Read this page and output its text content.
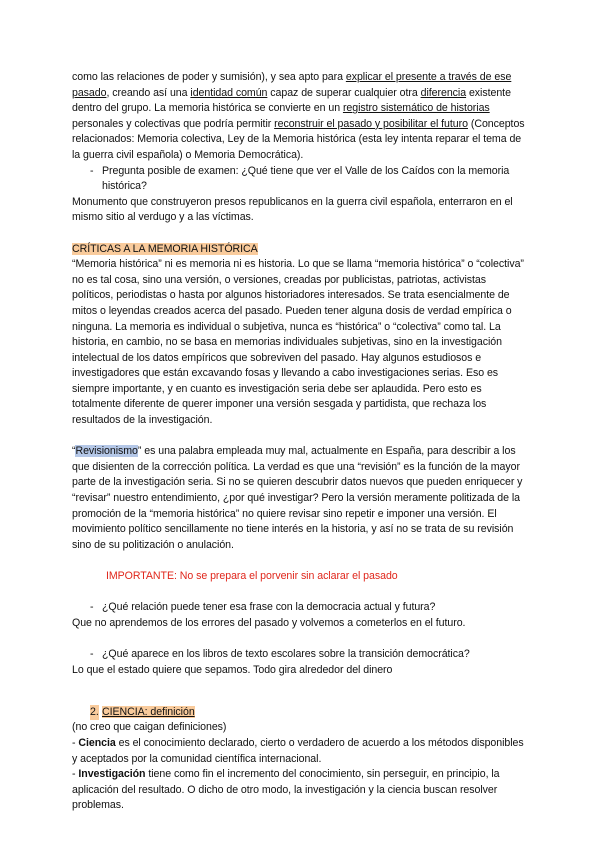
como las relaciones de poder y sumisión), y sea apto para explicar el presente a través de ese pasado, creando así una identidad común capaz de superar cualquier otra diferencia existente dentro del grupo. La memoria histórica se convierte en un registro sistemático de historias personales y colectivas que podría permitir reconstruir el pasado y posibilitar el futuro (Conceptos relacionados: Memoria colectiva, Ley de la Memoria histórica (esta ley intenta reparar el tema de la guerra civil española) o Memoria Democrática).

- Pregunta posible de examen: ¿Qué tiene que ver el Valle de los Caídos con la memoria histórica?

Monumento que construyeron presos republicanos en la guerra civil española, enterraron en el mismo sitio al verdugo y a las víctimas.

CRÍTICAS A LA MEMORIA HISTÓRICA

“Memoria histórica” ni es memoria ni es historia. Lo que se llama “memoria histórica” o “colectiva” no es tal cosa, sino una versión, o versiones, creadas por publicistas, patriotas, activistas políticos, periodistas o hasta por algunos historiadores interesados. Se trata esencialmente de mitos o leyendas creados acerca del pasado. Pueden tener alguna dosis de verdad empírica o ninguna. La memoria es individual o subjetiva, nunca es “histórica” o “colectiva” como tal. La historia, en cambio, no se basa en memorias individuales subjetivas, sino en la investigación intelectual de los datos empíricos que sobreviven del pasado. Hay algunos estudiosos e investigadores que están excavando fosas y llevando a cabo investigaciones serias. Eso es siempre importante, y en cuanto es investigación seria debe ser aplaudida. Pero esto es totalmente diferente de querer imponer una versión sesgada y partidista, que rechaza los resultados de la investigación.

“Revisionismo” es una palabra empleada muy mal, actualmente en España, para describir a los que disienten de la corrección política. La verdad es que una “revisión” es la función de la mayor parte de la investigación seria. Si no se quieren descubrir datos nuevos que pueden enriquecer y “revisar” nuestro entendimiento, ¿por qué investigar? Pero la versión meramente politizada de la promoción de la “memoria histórica” no quiere revisar sino repetir e imponer una versión. El movimiento político sencillamente no tiene interés en la historia, y así no se trata de su revisión sino de su politización o anulación.

IMPORTANTE: No se prepara el porvenir sin aclarar el pasado

- ¿Qué relación puede tener esa frase con la democracia actual y futura?

Que no aprendemos de los errores del pasado y volvemos a cometerlos en el futuro.

- ¿Qué aparece en los libros de texto escolares sobre la transición democrática?

Lo que el estado quiere que sepamos. Todo gira alrededor del dinero

2. CIENCIA: definición

(no creo que caigan definiciones)

- Ciencia es el conocimiento declarado, cierto o verdadero de acuerdo a los métodos disponibles y aceptados por la comunidad científica internacional.

- Investigación tiene como fin el incremento del conocimiento, sin perseguir, en principio, la aplicación del resultado. O dicho de otro modo, la investigación y la ciencia buscan resolver problemas.
